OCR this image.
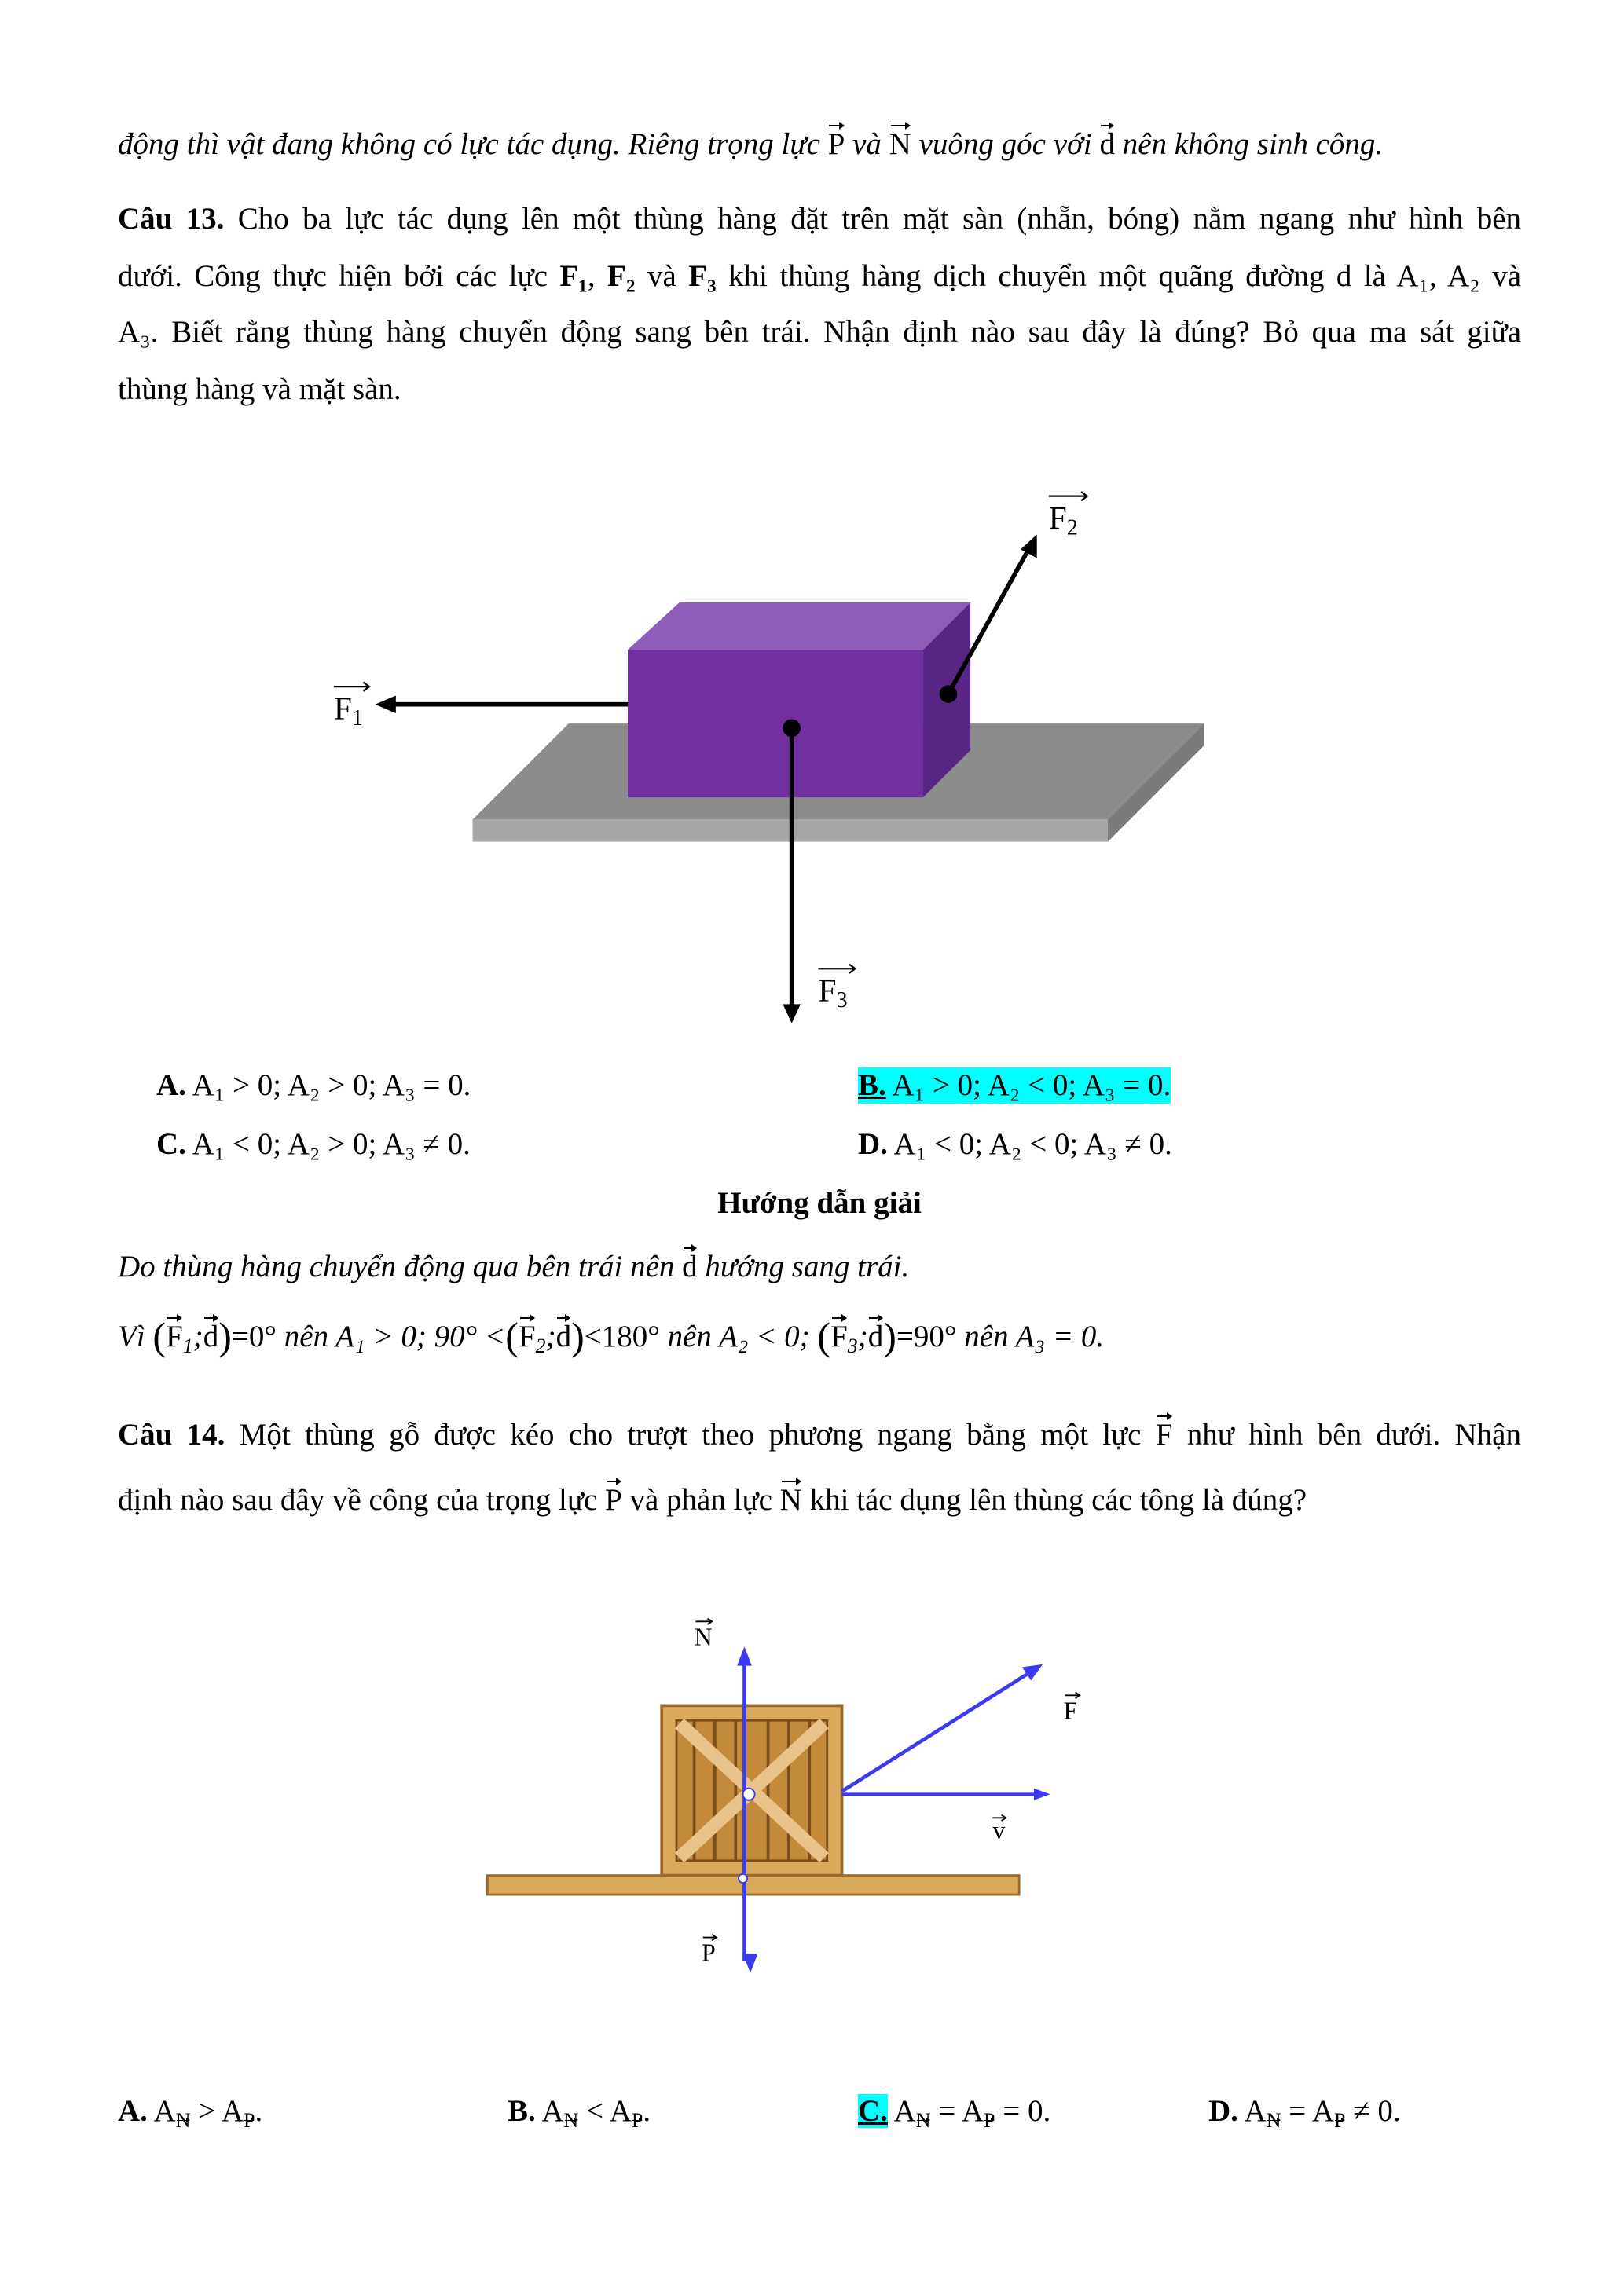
động thì vật đang không có lực tác dụng. Riêng trọng lực P và N vuông góc với d nên không sinh công.
Câu 13. Cho ba lực tác dụng lên một thùng hàng đặt trên mặt sàn (nhẵn, bóng) nằm ngang như hình bên
dưới. Công thực hiện bởi các lực F₁, F₂ và F₃ khi thùng hàng dịch chuyển một quãng đường d là A₁, A₂ và
A₃. Biết rằng thùng hàng chuyển động sang bên trái. Nhận định nào sau đây là đúng? Bỏ qua ma sát giữa
thùng hàng và mặt sàn.
F1
F2
F3
A. A₁ > 0; A₂ > 0; A₃ = 0.	B. A₁ > 0; A₂ < 0; A₃ = 0.
C. A₁ < 0; A₂ > 0; A₃ ≠ 0.	D. A₁ < 0; A₂ < 0; A₃ ≠ 0.
Hướng dẫn giải
Do thùng hàng chuyển động qua bên trái nên d hướng sang trái.
Vì $(F_1;d)=0^\circ$ nên A₁ > 0; $90^\circ <(F_2;d)<180^\circ$ nên A₂ < 0; $(F_3;d)=90^\circ$ nên A₃ = 0.
Câu 14. Một thùng gỗ được kéo cho trượt theo phương ngang bằng một lực F như hình bên dưới. Nhận
định nào sau đây về công của trọng lực P và phản lực N khi tác dụng lên thùng các tông là đúng?
N
F
v
P
A. $A_N > A_P$.	B. $A_N < A_P$.	C. $A_N = A_P = 0$.	D. $A_N = A_P \ne 0$.
